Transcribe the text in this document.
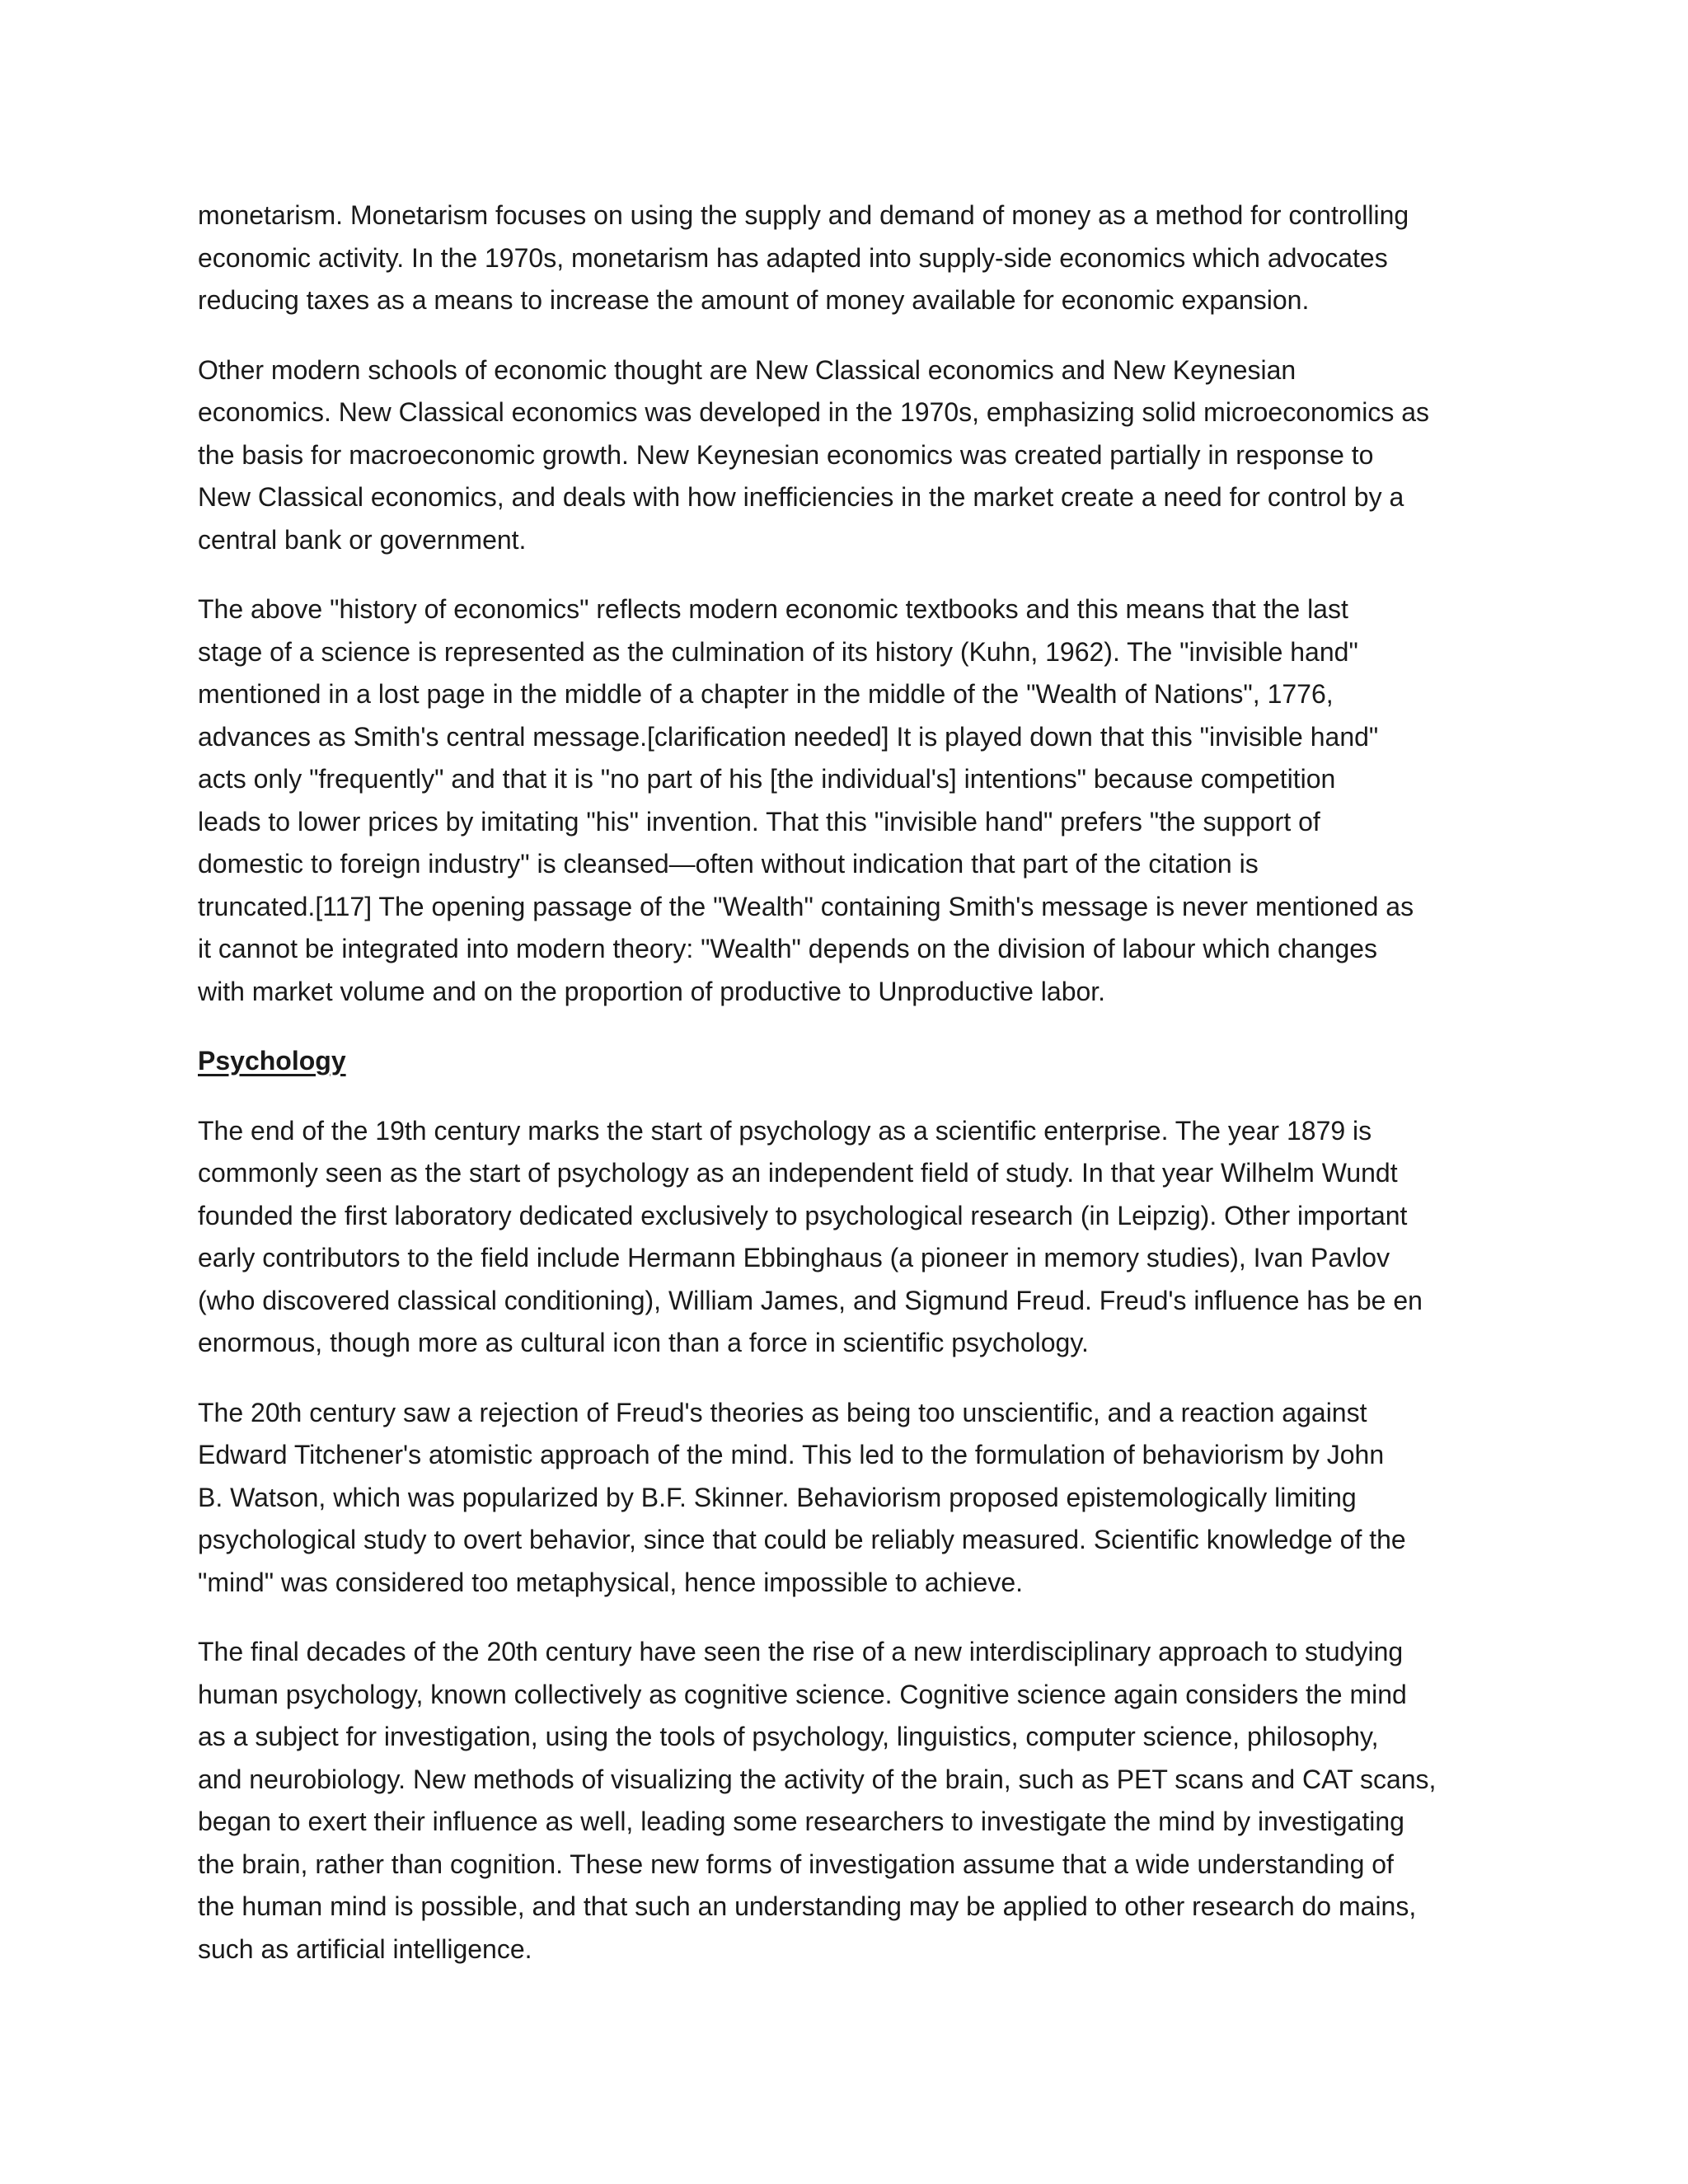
monetarism. Monetarism focuses on using the supply and demand of money as a method for controlling
economic activity. In the 1970s, monetarism has adapted into supply-side economics which advocates
reducing taxes as a means to increase the amount of money available for economic expansion.

Other modern schools of economic thought are New Classical economics and New Keynesian
economics. New Classical economics was developed in the 1970s, emphasizing solid microeconomics as
the basis for macroeconomic growth. New Keynesian economics was created partially in response to
New Classical economics, and deals with how inefficiencies in the market create a need for control by a
central bank or government.

The above "history of economics" reflects modern economic textbooks and this means that the last
stage of a science is represented as the culmination of its history (Kuhn, 1962). The "invisible hand"
mentioned in a lost page in the middle of a chapter in the middle of the "Wealth of Nations", 1776,
advances as Smith's central message.[clarification needed] It is played down that this "invisible hand"
acts only "frequently" and that it is "no part of his [the individual's] intentions" because competition
leads to lower prices by imitating "his" invention. That this "invisible hand" prefers "the support of
domestic to foreign industry" is cleansed—often without indication that part of the citation is
truncated.[117] The opening passage of the "Wealth" containing Smith's message is never mentioned as
it cannot be integrated into modern theory: "Wealth" depends on the division of labour which changes
with market volume and on the proportion of productive to Unproductive labor.

Psychology

The end of the 19th century marks the start of psychology as a scientific enterprise. The year 1879 is
commonly seen as the start of psychology as an independent field of study. In that year Wilhelm Wundt
founded the first laboratory dedicated exclusively to psychological research (in Leipzig). Other important
early contributors to the field include Hermann Ebbinghaus (a pioneer in memory studies), Ivan Pavlov
(who discovered classical conditioning), William James, and Sigmund Freud. Freud's influence has be en
enormous, though more as cultural icon than a force in scientific psychology.

The 20th century saw a rejection of Freud's theories as being too unscientific, and a reaction against
Edward Titchener's atomistic approach of the mind. This led to the formulation of behaviorism by John
B. Watson, which was popularized by B.F. Skinner. Behaviorism proposed epistemologically limiting
psychological study to overt behavior, since that could be reliably measured. Scientific knowledge of the
"mind" was considered too metaphysical, hence impossible to achieve.

The final decades of the 20th century have seen the rise of a new interdisciplinary approach to studying
human psychology, known collectively as cognitive science. Cognitive science again considers the mind
as a subject for investigation, using the tools of psychology, linguistics, computer science, philosophy,
and neurobiology. New methods of visualizing the activity of the brain, such as PET scans and CAT scans,
began to exert their influence as well, leading some researchers to investigate the mind by investigating
the brain, rather than cognition. These new forms of investigation assume that a wide understanding of
the human mind is possible, and that such an understanding may be applied to other research do mains,
such as artificial intelligence.
